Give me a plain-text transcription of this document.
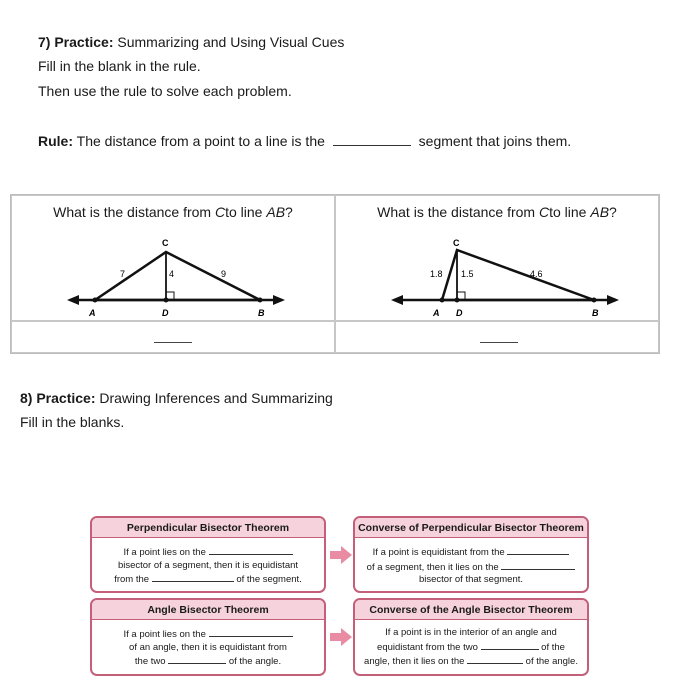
7) Practice: Summarizing and Using Visual Cues
Fill in the blank in the rule.
Then use the rule to solve each problem.
Rule: The distance from a point to a line is the	segment that joins them.
What is the distance from Cto line AB?
C
A	D	B
7	4	9
What is the distance from Cto line AB?
C
A D	B
1.8 1.5	4.6
8) Practice: Drawing Inferences and Summarizing
Fill in the blanks.
Perpendicular Bisector Theorem
If a point lies on the
bisector of a segment, then it is equidistant
from the	of the segment.
Converse of Perpendicular Bisector Theorem
If a point is equidistant from the
of a segment, then it lies on the
bisector of that segment.
Angle Bisector Theorem
If a point lies on the
of an angle, then it is equidistant from
the two	of the angle.
Converse of the Angle Bisector Theorem
If a point is in the interior of an angle and
equidistant from the two	of the
angle, then it lies on the	of the angle.
